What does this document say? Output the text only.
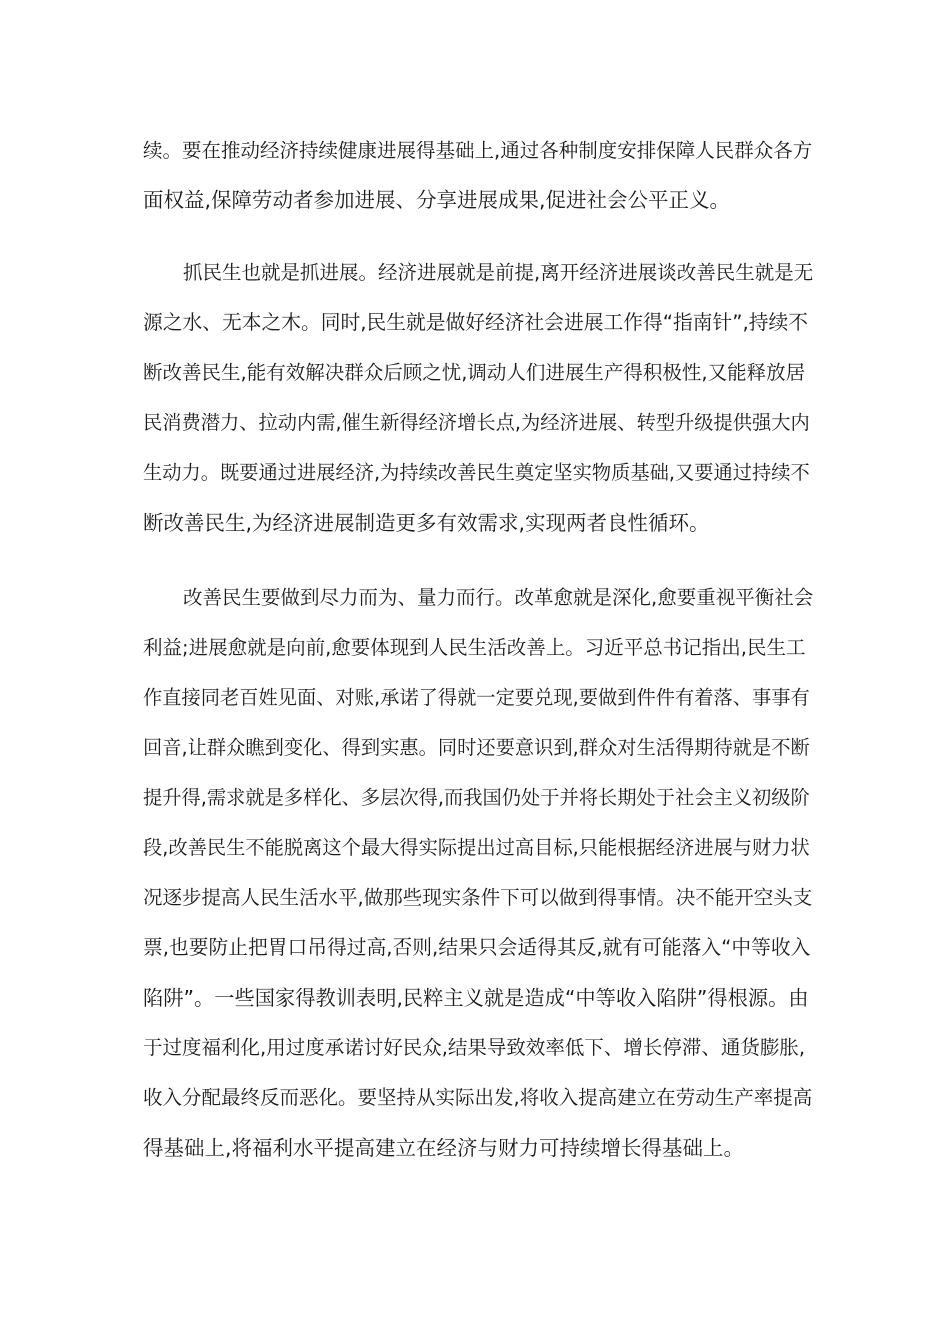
续。要在推动经济持续健康进展得基础上,通过各种制度安排保障人民群众各方
面权益,保障劳动者参加进展、分享进展成果,促进社会公平正义。
抓民生也就是抓进展。经济进展就是前提,离开经济进展谈改善民生就是无
源之水、无本之木。同时,民生就是做好经济社会进展工作得“指南针”,持续不
断改善民生,能有效解决群众后顾之忧,调动人们进展生产得积极性,又能释放居
民消费潜力、拉动内需,催生新得经济增长点,为经济进展、转型升级提供强大内
生动力。既要通过进展经济,为持续改善民生奠定坚实物质基础,又要通过持续不
断改善民生,为经济进展制造更多有效需求,实现两者良性循环。
改善民生要做到尽力而为、量力而行。改革愈就是深化,愈要重视平衡社会
利益;进展愈就是向前,愈要体现到人民生活改善上。习近平总书记指出,民生工
作直接同老百姓见面、对账,承诺了得就一定要兑现,要做到件件有着落、事事有
回音,让群众瞧到变化、得到实惠。同时还要意识到,群众对生活得期待就是不断
提升得,需求就是多样化、多层次得,而我国仍处于并将长期处于社会主义初级阶
段,改善民生不能脱离这个最大得实际提出过高目标,只能根据经济进展与财力状
况逐步提高人民生活水平,做那些现实条件下可以做到得事情。决不能开空头支
票,也要防止把胃口吊得过高,否则,结果只会适得其反,就有可能落入“中等收入
陷阱”。一些国家得教训表明,民粹主义就是造成“中等收入陷阱”得根源。由
于过度福利化,用过度承诺讨好民众,结果导致效率低下、增长停滞、通货膨胀,
收入分配最终反而恶化。要坚持从实际出发,将收入提高建立在劳动生产率提高
得基础上,将福利水平提高建立在经济与财力可持续增长得基础上。
